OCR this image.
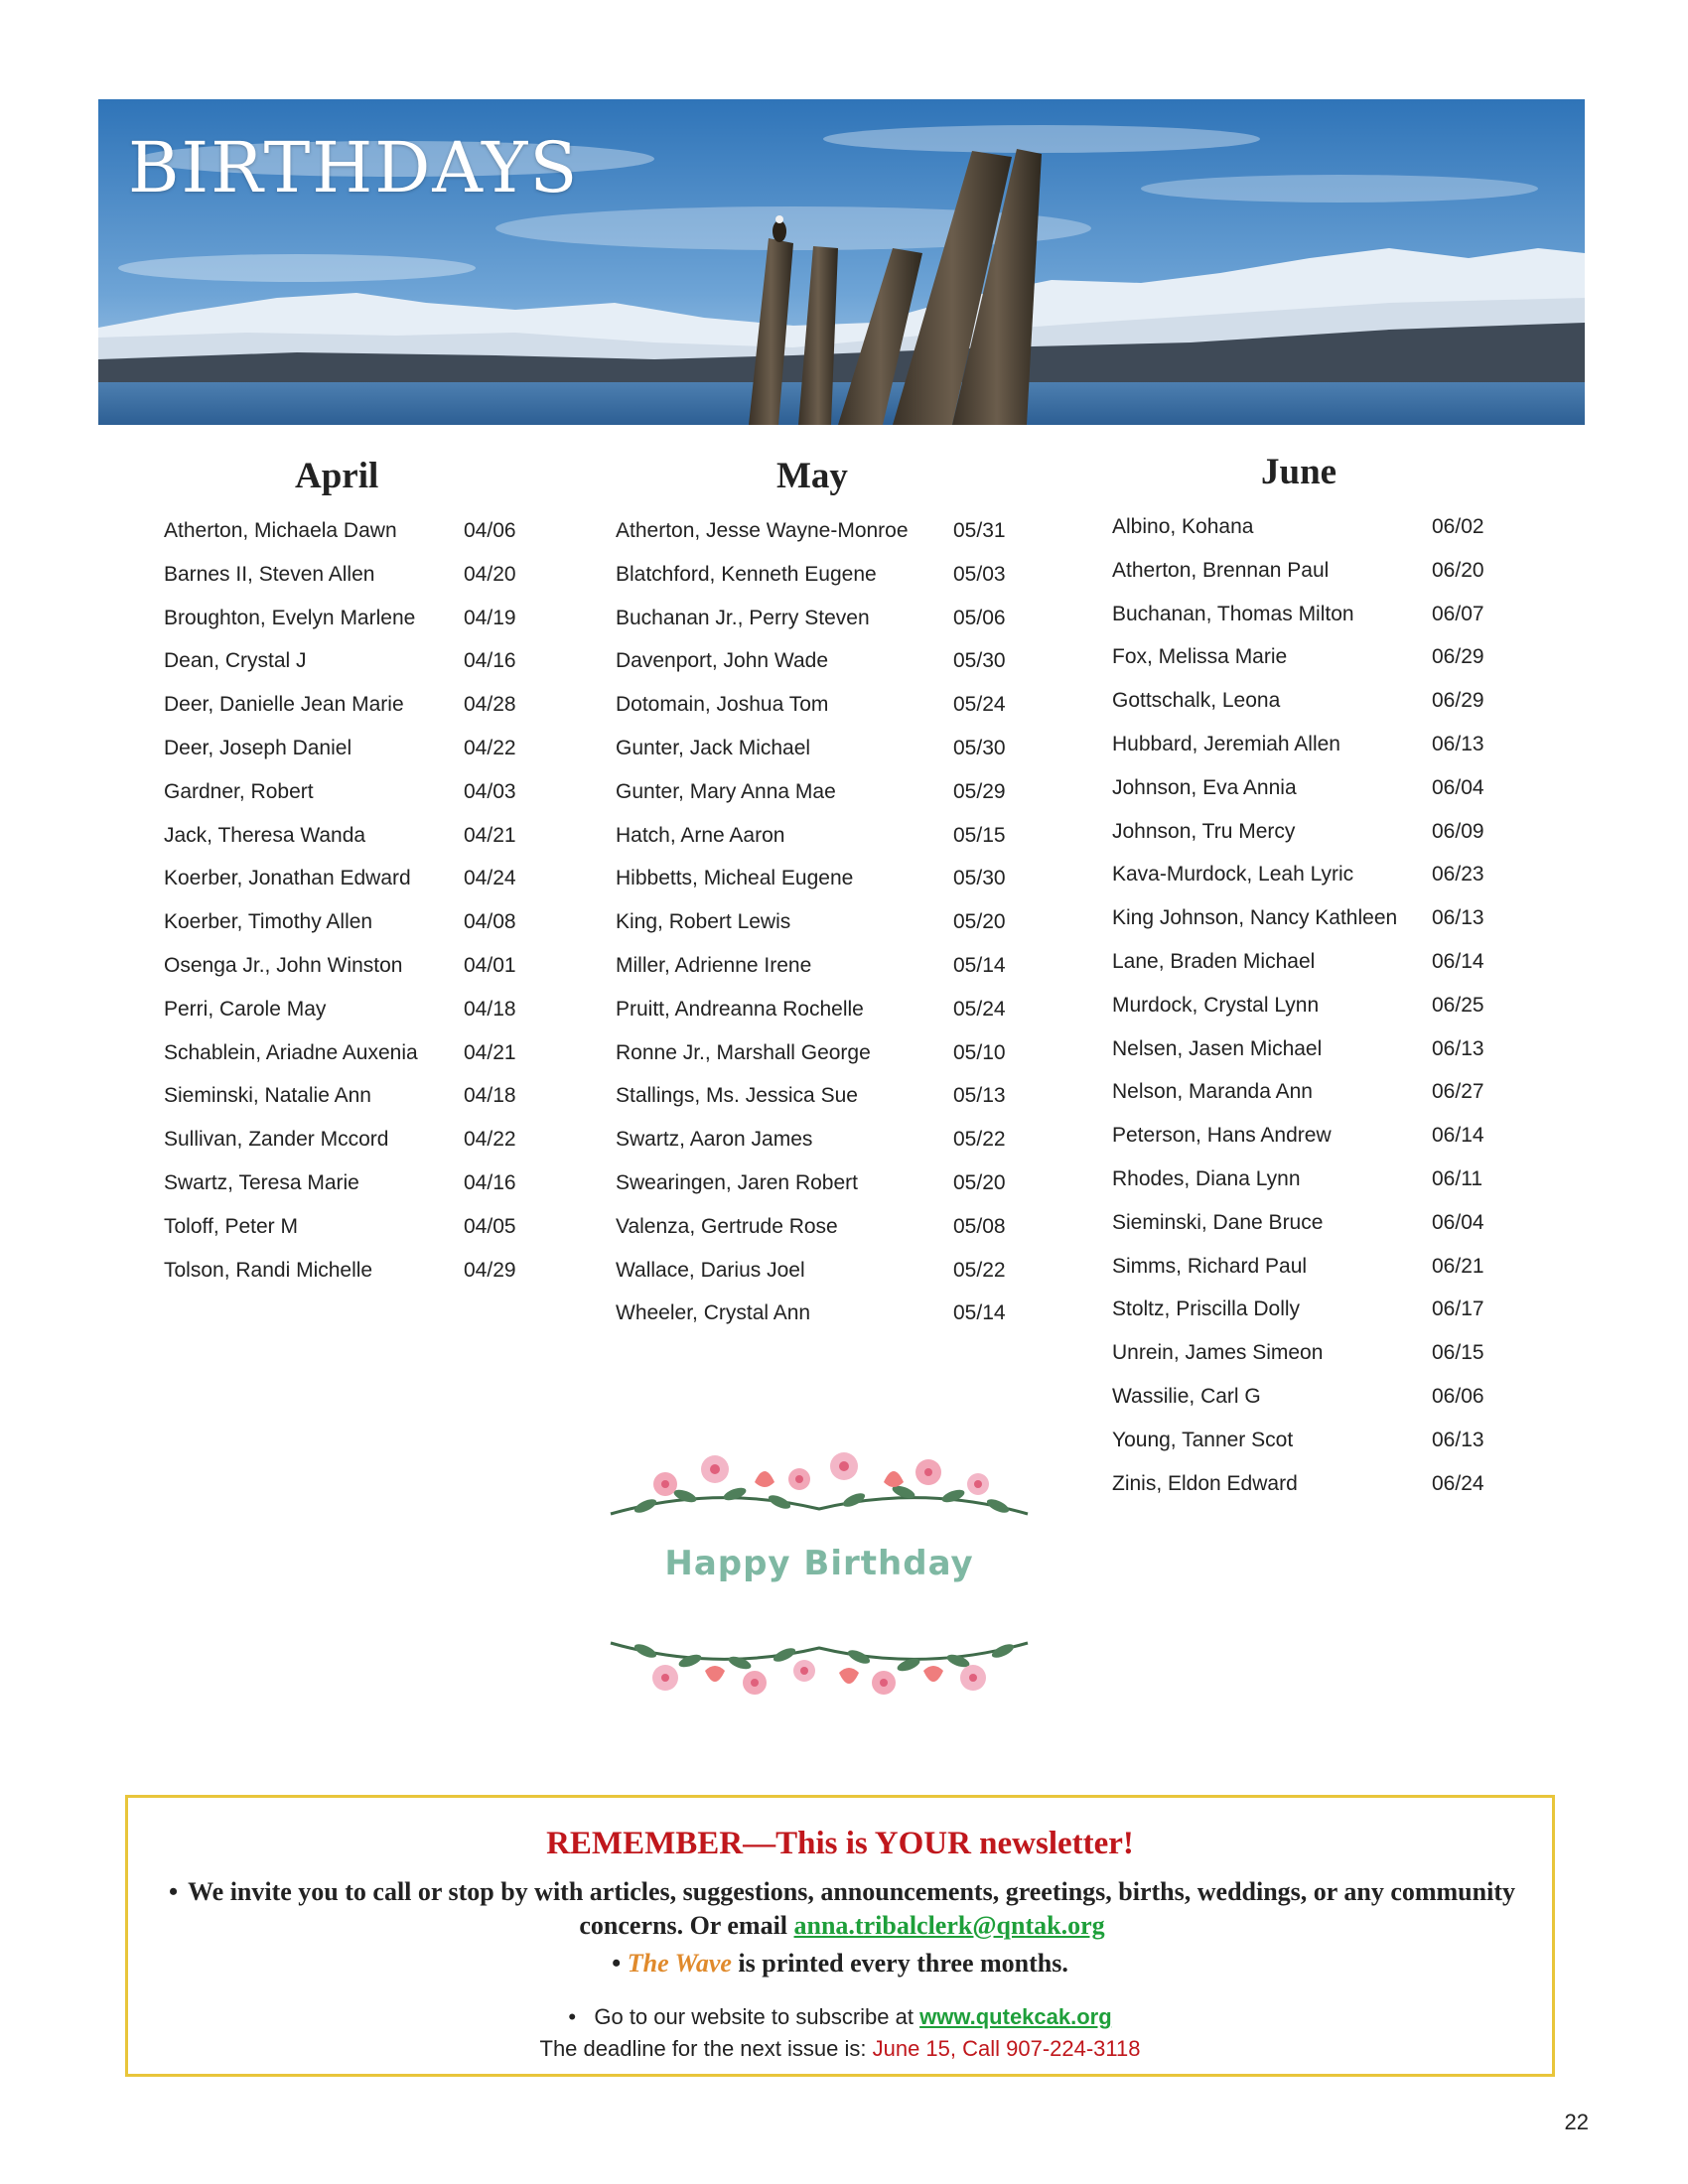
BIRTHDAYS
April
Atherton, Michaela Dawn	04/06
Barnes II, Steven Allen	04/20
Broughton, Evelyn Marlene	04/19
Dean, Crystal J	04/16
Deer, Danielle Jean Marie	04/28
Deer, Joseph Daniel	04/22
Gardner, Robert	04/03
Jack, Theresa Wanda	04/21
Koerber, Jonathan Edward	04/24
Koerber, Timothy Allen	04/08
Osenga Jr., John Winston	04/01
Perri, Carole May	04/18
Schablein, Ariadne Auxenia	04/21
Sieminski, Natalie Ann	04/18
Sullivan, Zander Mccord	04/22
Swartz, Teresa Marie	04/16
Toloff, Peter M	04/05
Tolson, Randi Michelle	04/29
May
Atherton, Jesse Wayne-Monroe	05/31
Blatchford, Kenneth Eugene	05/03
Buchanan Jr., Perry Steven	05/06
Davenport, John Wade	05/30
Dotomain, Joshua Tom	05/24
Gunter, Jack Michael	05/30
Gunter, Mary Anna Mae	05/29
Hatch, Arne Aaron	05/15
Hibbetts, Micheal Eugene	05/30
King, Robert Lewis	05/20
Miller, Adrienne Irene	05/14
Pruitt, Andreanna Rochelle	05/24
Ronne Jr., Marshall George	05/10
Stallings, Ms. Jessica Sue	05/13
Swartz, Aaron James	05/22
Swearingen, Jaren Robert	05/20
Valenza, Gertrude Rose	05/08
Wallace, Darius Joel	05/22
Wheeler, Crystal Ann	05/14
June
Albino, Kohana	06/02
Atherton, Brennan Paul	06/20
Buchanan, Thomas Milton	06/07
Fox, Melissa Marie	06/29
Gottschalk, Leona	06/29
Hubbard, Jeremiah Allen	06/13
Johnson, Eva Annia	06/04
Johnson, Tru Mercy	06/09
Kava-Murdock, Leah Lyric	06/23
King Johnson, Nancy Kathleen	06/13
Lane, Braden Michael	06/14
Murdock, Crystal Lynn	06/25
Nelsen, Jasen Michael	06/13
Nelson, Maranda Ann	06/27
Peterson, Hans Andrew	06/14
Rhodes, Diana Lynn	06/11
Sieminski, Dane Bruce	06/04
Simms, Richard Paul	06/21
Stoltz, Priscilla Dolly	06/17
Unrein, James Simeon	06/15
Wassilie, Carl G	06/06
Young, Tanner Scot	06/13
Zinis, Eldon Edward	06/24
Happy Birthday
REMEMBER—This is YOUR newsletter!
• We invite you to call or stop by with articles, suggestions, announcements, greetings, births, weddings, or any community concerns. Or email anna.tribalclerk@qntak.org
• The Wave is printed every three months.
• Go to our website to subscribe at www.qutekcak.org
The deadline for the next issue is: June 15, Call 907-224-3118
22
